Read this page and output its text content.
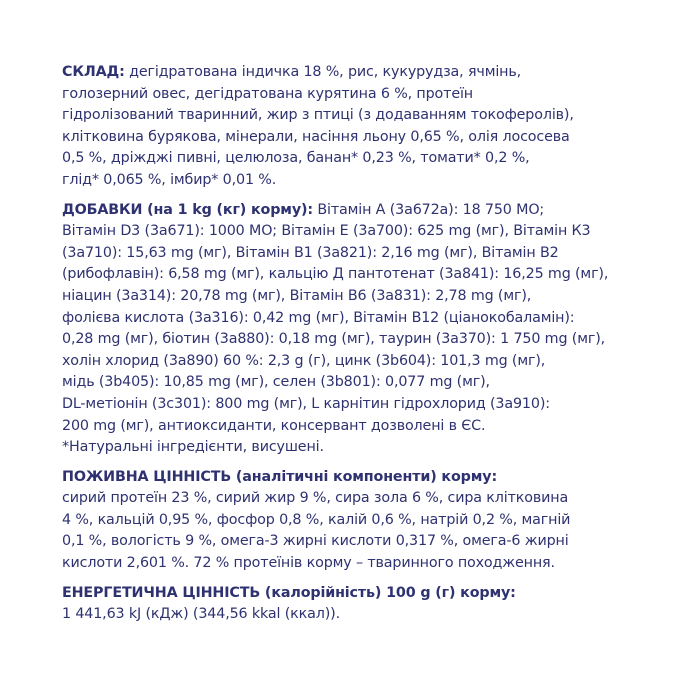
СКЛАД: дегідратована індичка 18 %, рис, кукурудза, ячмінь,
голозерний овес, дегідратована курятина 6 %, протеїн
гідролізований тваринний, жир з птиці (з додаванням токоферолів),
клітковина бурякова, мінерали, насіння льону 0,65 %, олія лососева
0,5 %, дріжджі пивні, целюлоза, банан* 0,23 %, томати* 0,2 %,
глід* 0,065 %, імбир* 0,01 %.
ДОБАВКИ (на 1 kg (кг) корму): Вітамін А (3a672a): 18 750 МО;
Вітамін D3 (3a671): 1000 МО; Вітамін Е (3a700): 625 mg (мг), Вітамін К3
(3a710): 15,63 mg (мг), Вітамін В1 (3a821): 2,16 mg (мг), Вітамін В2
(рибофлавін): 6,58 mg (мг), кальцію Д пантотенат (3a841): 16,25 mg (мг),
ніацин (3a314): 20,78 mg (мг), Вітамін В6 (3a831): 2,78 mg (мг),
фолієва кислота (3a316): 0,42 mg (мг), Вітамін В12 (ціанокобаламін):
0,28 mg (мг), біотин (3a880): 0,18 mg (мг), таурин (3a370): 1 750 mg (мг),
холін хлорид (3a890) 60 %: 2,3 g (г), цинк (3b604): 101,3 mg (мг),
мідь (3b405): 10,85 mg (мг), селен (3b801): 0,077 mg (мг),
DL-метіонін (3c301): 800 mg (мг), L карнітин гідрохлорид (3a910):
200 mg (мг), антиоксиданти, консервант дозволені в ЄС.
*Натуральні інгредієнти, висушені.
ПОЖИВНА ЦІННІСТЬ (аналітичні компоненти) корму:
сирий протеїн 23 %, сирий жир 9 %, сира зола 6 %, сира клітковина
4 %, кальцій 0,95 %, фосфор 0,8 %, калій 0,6 %, натрій 0,2 %, магній
0,1 %, вологість 9 %, омега-3 жирні кислоти 0,317 %, омега-6 жирні
кислоти 2,601 %. 72 % протеїнів корму – тваринного походження.
ЕНЕРГЕТИЧНА ЦІННІСТЬ (калорійність) 100 g (г) корму:
1 441,63 kJ (кДж) (344,56 kkal (ккал)).
